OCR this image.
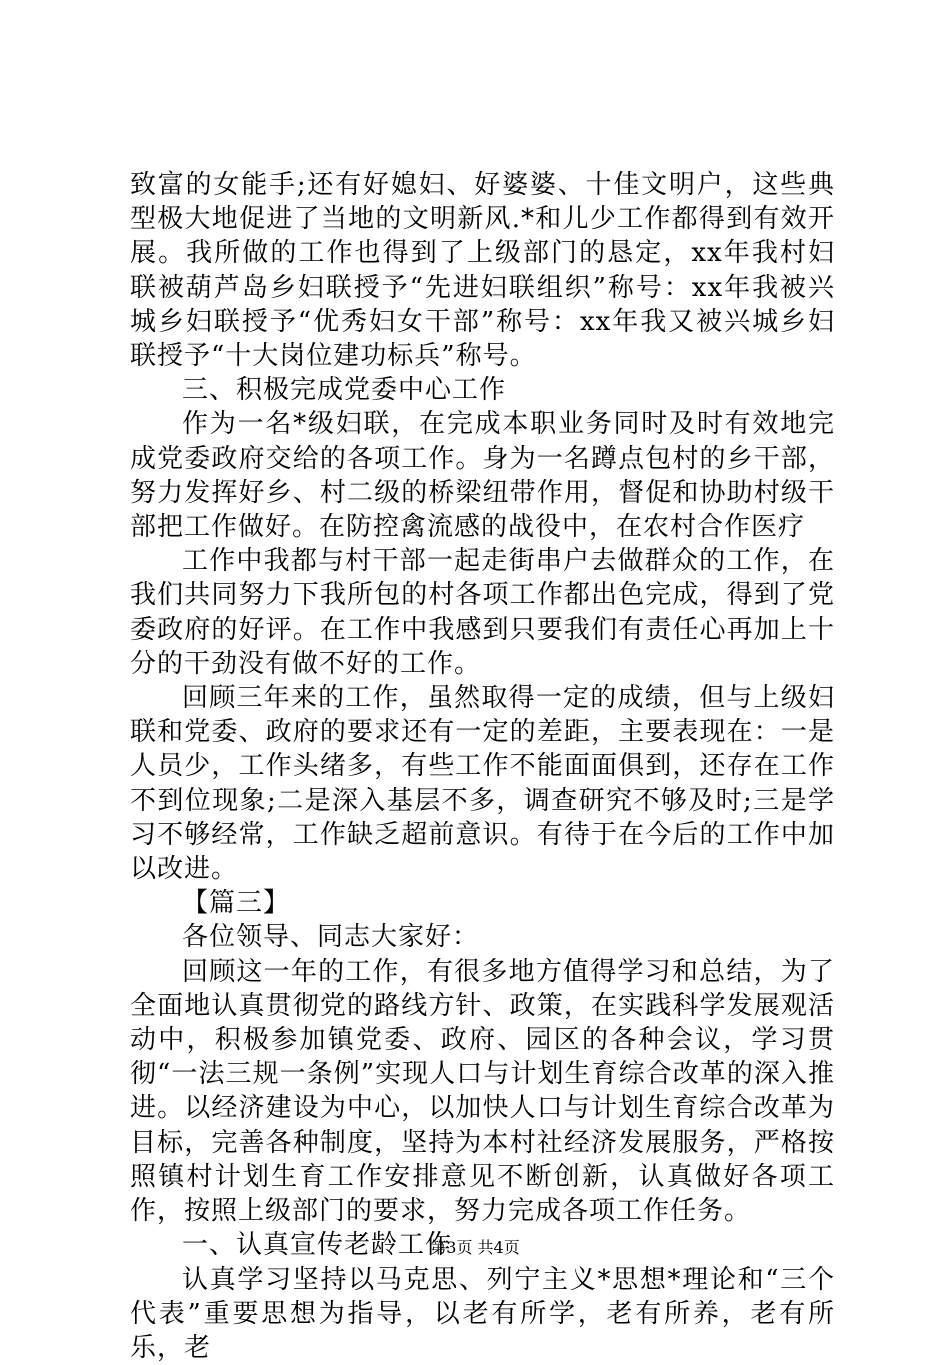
致富的女能手;还有好媳妇、好婆婆、十佳文明户，这些典型极大地促进了当地的文明新风.*和儿少工作都得到有效开展。我所做的工作也得到了上级部门的恳定，xx年我村妇联被葫芦岛乡妇联授予“先进妇联组织”称号：xx年我被兴城乡妇联授予“优秀妇女干部”称号：xx年我又被兴城乡妇联授予“十大岗位建功标兵”称号。

三、积极完成党委中心工作

作为一名*级妇联，在完成本职业务同时及时有效地完成党委政府交给的各项工作。身为一名蹲点包村的乡干部，努力发挥好乡、村二级的桥梁纽带作用，督促和协助村级干部把工作做好。在防控禽流感的战役中，在农村合作医疗

工作中我都与村干部一起走街串户去做群众的工作，在我们共同努力下我所包的村各项工作都出色完成，得到了党委政府的好评。在工作中我感到只要我们有责任心再加上十分的干劲没有做不好的工作。

回顾三年来的工作，虽然取得一定的成绩，但与上级妇联和党委、政府的要求还有一定的差距，主要表现在：一是人员少，工作头绪多，有些工作不能面面俱到，还存在工作不到位现象;二是深入基层不多，调查研究不够及时;三是学习不够经常，工作缺乏超前意识。有待于在今后的工作中加以改进。

【篇三】

各位领导、同志大家好：

回顾这一年的工作，有很多地方值得学习和总结，为了全面地认真贯彻党的路线方针、政策，在实践科学发展观活动中，积极参加镇党委、政府、园区的各种会议，学习贯彻“一法三规一条例”实现人口与计划生育综合改革的深入推进。以经济建设为中心，以加快人口与计划生育综合改革为目标，完善各种制度，坚持为本村社经济发展服务，严格按照镇村计划生育工作安排意见不断创新，认真做好各项工作，按照上级部门的要求，努力完成各项工作任务。

一、认真宣传老龄工作

认真学习坚持以马克思、列宁主义*思想*理论和“三个代表”重要思想为指导，以老有所学，老有所养，老有所乐，老

第3页 共4页
